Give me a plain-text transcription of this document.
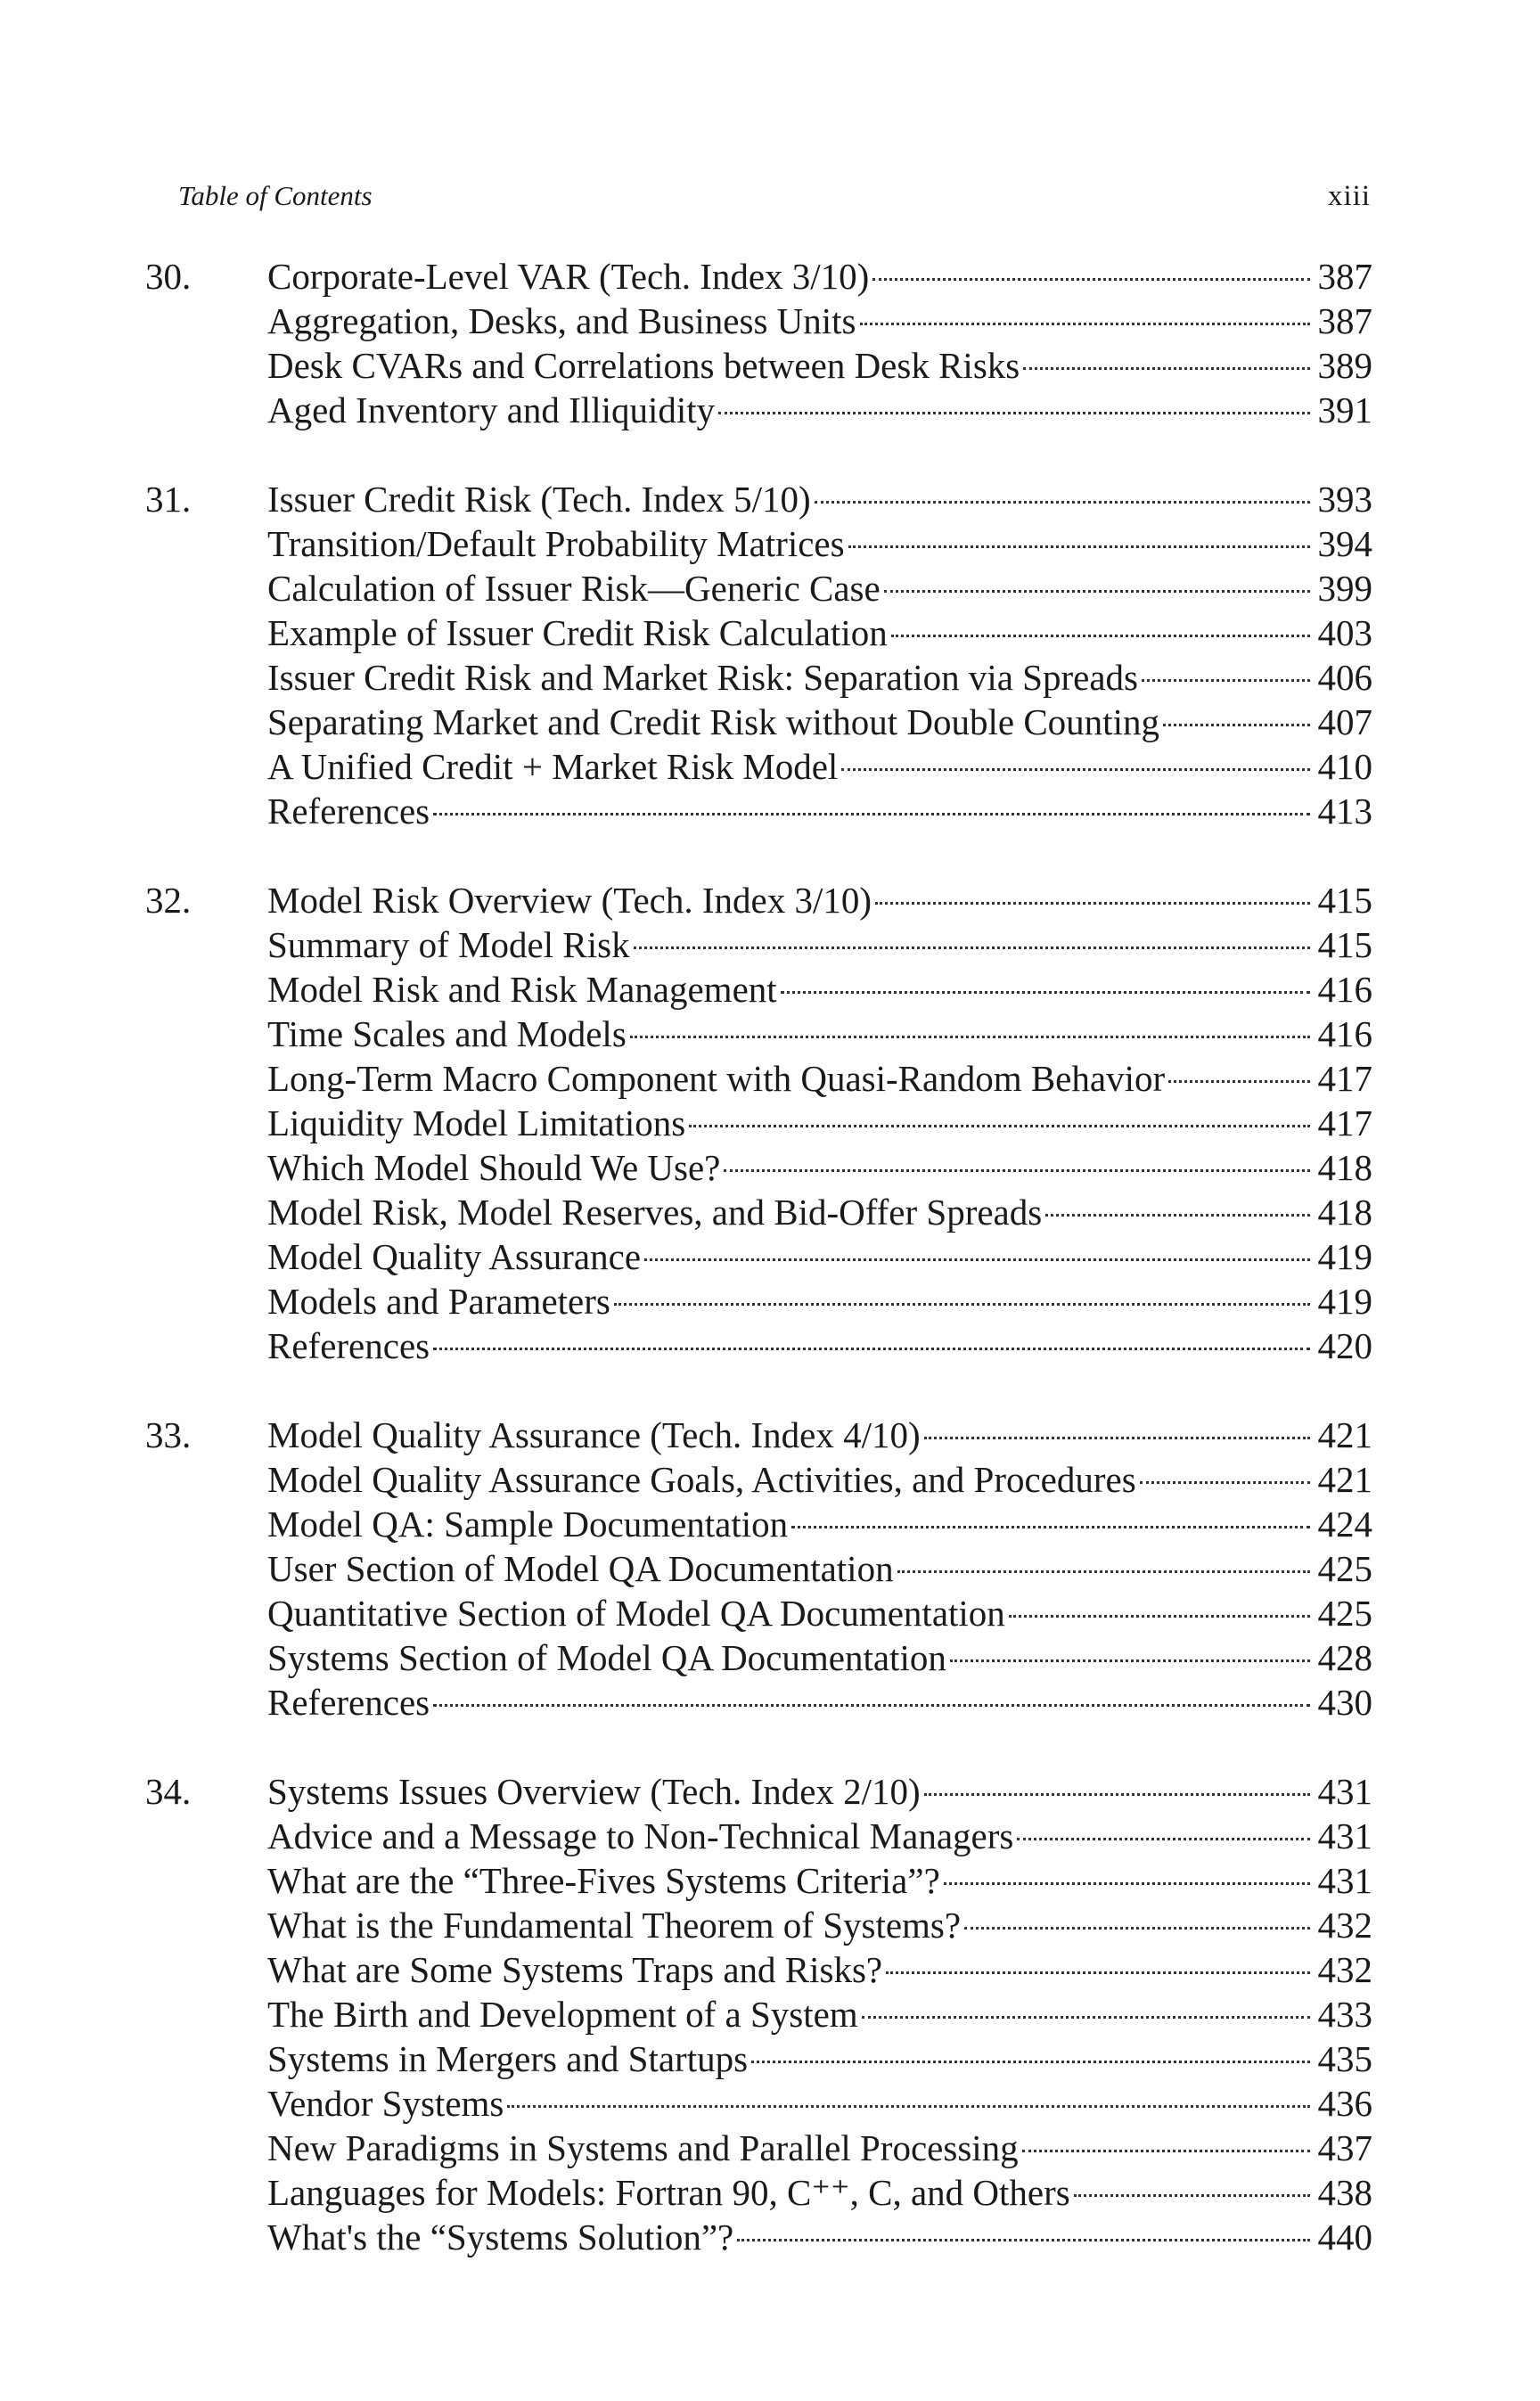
Table of Contents	xiii
30.	Corporate-Level VAR (Tech. Index 3/10)	387
Aggregation, Desks, and Business Units	387
Desk CVARs and Correlations between Desk Risks	389
Aged Inventory and Illiquidity	391
31.	Issuer Credit Risk (Tech. Index 5/10)	393
Transition/Default Probability Matrices	394
Calculation of Issuer Risk—Generic Case	399
Example of Issuer Credit Risk Calculation	403
Issuer Credit Risk and Market Risk: Separation via Spreads	406
Separating Market and Credit Risk without Double Counting	407
A Unified Credit + Market Risk Model	410
References	413
32.	Model Risk Overview (Tech. Index 3/10)	415
Summary of Model Risk	415
Model Risk and Risk Management	416
Time Scales and Models	416
Long-Term Macro Component with Quasi-Random Behavior	417
Liquidity Model Limitations	417
Which Model Should We Use?	418
Model Risk, Model Reserves, and Bid-Offer Spreads	418
Model Quality Assurance	419
Models and Parameters	419
References	420
33.	Model Quality Assurance (Tech. Index 4/10)	421
Model Quality Assurance Goals, Activities, and Procedures	421
Model QA: Sample Documentation	424
User Section of Model QA Documentation	425
Quantitative Section of Model QA Documentation	425
Systems Section of Model QA Documentation	428
References	430
34.	Systems Issues Overview (Tech. Index 2/10)	431
Advice and a Message to Non-Technical Managers	431
What are the “Three-Fives Systems Criteria”?	431
What is the Fundamental Theorem of Systems?	432
What are Some Systems Traps and Risks?	432
The Birth and Development of a System	433
Systems in Mergers and Startups	435
Vendor Systems	436
New Paradigms in Systems and Parallel Processing	437
Languages for Models: Fortran 90, C⁺⁺, C, and Others	438
What's the “Systems Solution”?	440
